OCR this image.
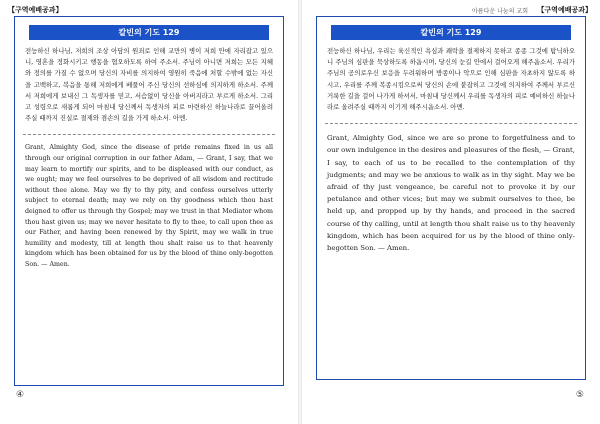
【구역예배공과】
칼빈의 기도 129
전능하신 하나님, 저희의 조상 아담의 원죄로 인해 교만의 병이 저희 안에 자리잡고 있으니, 영혼을 정화시키고 행동을 협오하도록 하여 주소서. 주님이 아니면 저희는 모든 지혜와 정의를 가질 수 없으며 당신의 자비를 의지하여 영원히 죽음에 처할 수밖에 없는 자신을 고백하고, 복음을 통해 저희에게 베풀어 주신 당신의 선하심에 의지하게 하소서. 주께서 저희에게 보내신 그 독생자를 믿고, 서슴없이 당신을 아버지라고 부르게 하소서. 그리고 성령으로 새롭게 되어 마침내 당신께서 독생자의 피로 마련하신 하늘나라로 끌어올려 주실 때까지 진실로 절제와 겸손의 길을 가게 하소서. 아멘.
Grant, Almighty God, since the disease of pride remains fixed in us all through our original corruption in our father Adam, — Grant, I say, that we may learn to mortify our spirits, and to be displeased with our conduct, as we ought; may we feel ourselves to be deprived of all wisdom and rectitude without thee alone. May we fly to thy pity, and confess ourselves utterly subject to eternal death; may we rely on thy goodness which thou hast deigned to offer us through thy Gospel; may we trust in that Mediator whom thou hast given us; may we never hesitate to fly to thee, to call upon thee as our Father, and having been renewed by thy Spirit, may we walk in true humility and modesty, till at length thou shalt raise us to that heavenly kingdom which has been obtained for us by the blood of thine only-begotten Son. — Amen.
④
아름다운 나눔의 교회 【구역예배공과】
칼빈의 기도 129
전능하신 하나님, 우리는 육신적인 욕심과 쾌락을 절제하지 못하고 종종 그것에 탐닉하오니 주님의 심판을 묵상하도록 하옵시며, 당신의 눈길 안에서 걸어오게 해주옵소서. 우리가 주님의 공의로우신 보응을 두려워하며 방종이나 악으로 인해 심판을 자초하지 않도록 하시고, 우리를 주께 복종시킴으로써 당신의 손에 붙잡히고 그것에 의지하여 주께서 부르신 거룩한 길을 걸어 나가게 하셔서, 마침내 당신께서 우리를 독생자의 피로 예비하신 하늘나라로 올려주실 때까지 이기게 해주시옵소서. 아멘.
Grant, Almighty God, since we are so prone to forgetfulness and to our own indulgence in the desires and pleasures of the flesh, — Grant, I say, to each of us to be recalled to the contemplation of thy judgments; and may we be anxious to walk as in thy sight. May we be afraid of thy just vengeance, be careful not to provoke it by our petulance and other vices; but may we submit ourselves to thee, be held up, and propped up by thy hands, and proceed in the sacred course of thy calling, until at length thou shalt raise us to thy heavenly kingdom, which has been acquired for us by the blood of thine only-begotten Son. — Amen.
⑤
